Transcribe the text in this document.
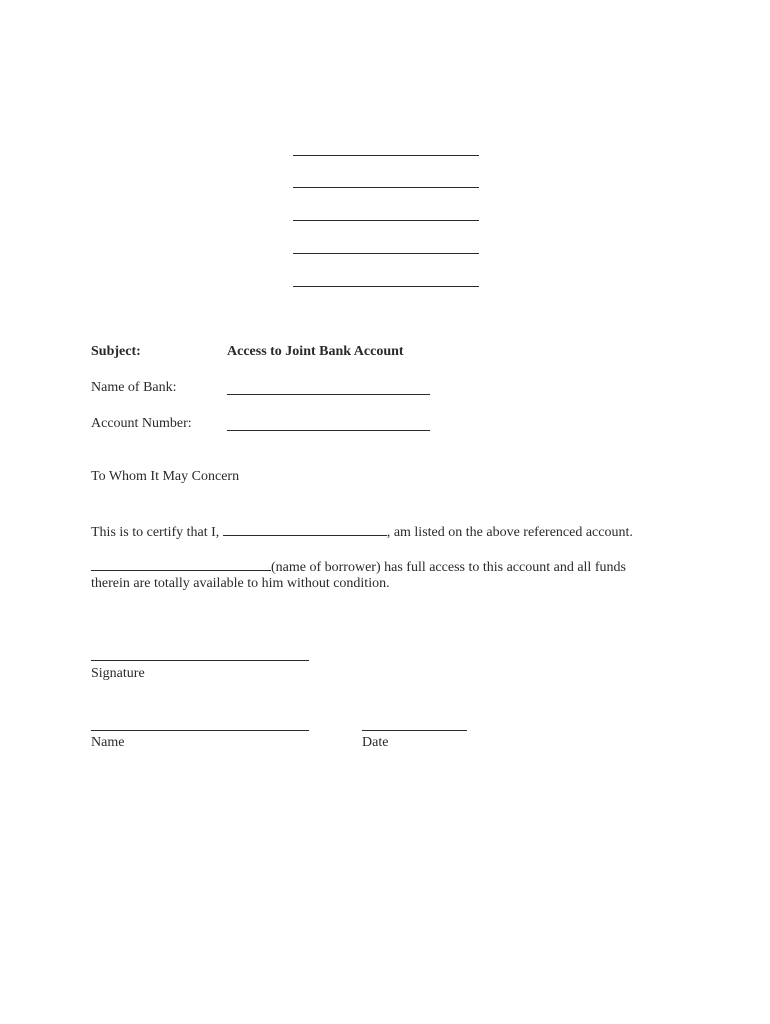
Subject:	Access to Joint Bank Account
Name of Bank:
Account Number:
To Whom It May Concern
This is to certify that I,	, am listed on the above referenced account.
(name of borrower) has full access to this account and all funds
therein are totally available to him without condition.
Signature
Name	Date
